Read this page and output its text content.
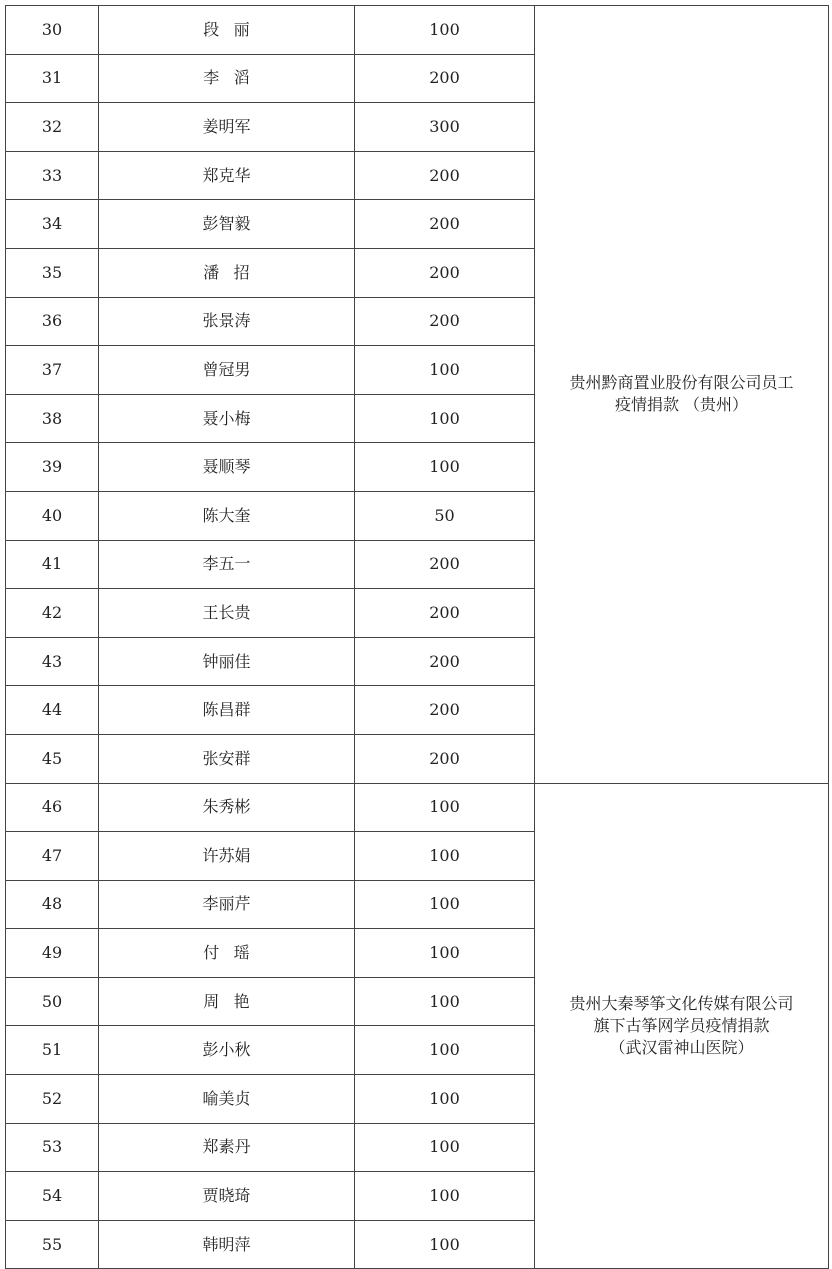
30	段丽	100	贵州黔商置业股份有限公司员工
疫情捐款 （贵州）

31	李滔	200	
32	姜明军	300	
33	郑克华	200	
34	彭智毅	200	
35	潘招	200	
36	张景涛	200	
37	曾冠男	100	
38	聂小梅	100	
39	聂顺琴	100	
40	陈大奎	50	
41	李五一	200	
42	王长贵	200	
43	钟丽佳	200	
44	陈昌群	200	
45	张安群	200	
46	朱秀彬	100	贵州大秦琴筝文化传媒有限公司
旗下古筝网学员疫情捐款
（武汉雷神山医院）

47	许苏娟	100	
48	李丽芹	100	
49	付瑶	100	
50	周艳	100	
51	彭小秋	100	
52	喻美贞	100	
53	郑素丹	100	
54	贾晓琦	100	
55	韩明萍	100	
